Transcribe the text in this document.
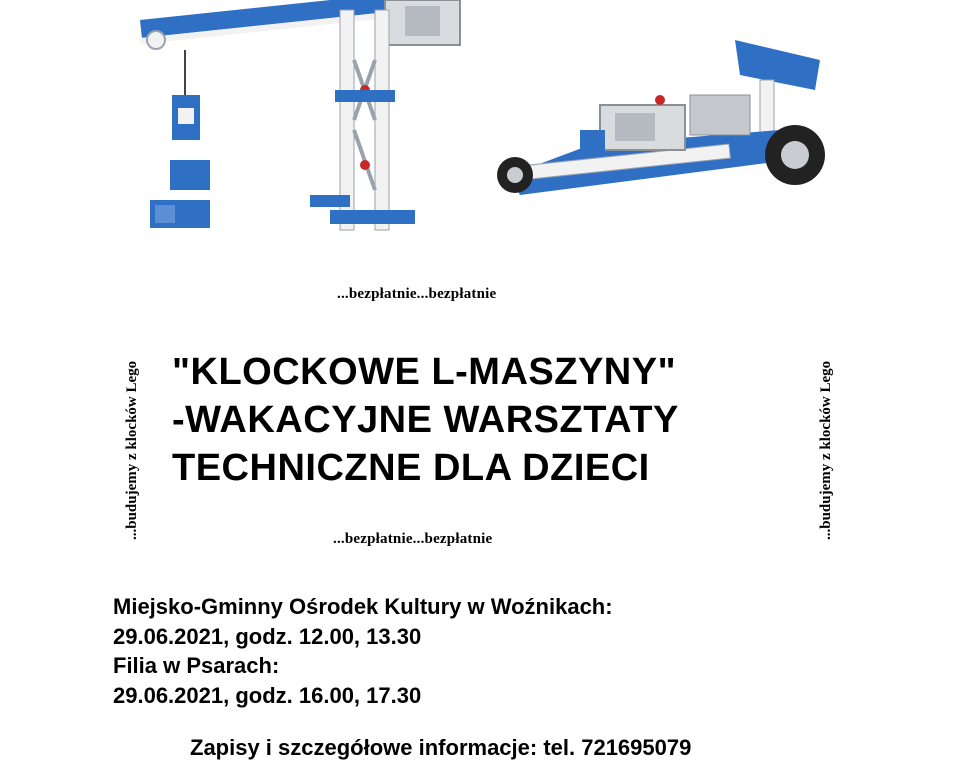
...bezpłatnie...bezpłatnie
...budujemy z klocków Lego "KLOCKOWE L-MASZYNY"
-WAKACYJNE WARSZTATY
TECHNICZNE DLA DZIECI	...budujemy z klocków Lego
...bezpłatnie...bezpłatnie
Miejsko-Gminny Ośrodek Kultury w Woźnikach:
29.06.2021, godz. 12.00, 13.30
Filia w Psarach:
29.06.2021, godz. 16.00, 17.30
Zapisy i szczegółowe informacje: tel. 721695079
